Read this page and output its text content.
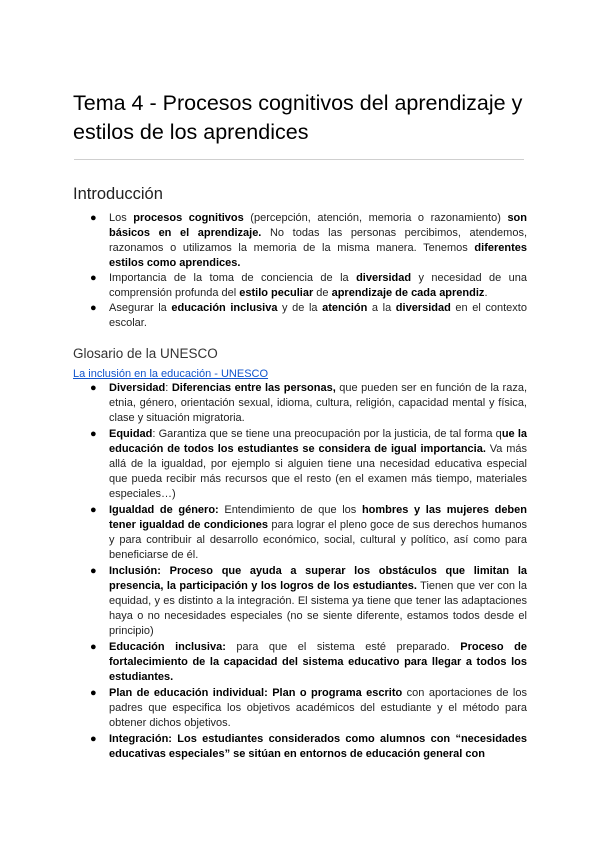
Tema 4 - Procesos cognitivos del aprendizaje y estilos de los aprendices
Introducción
● Los procesos cognitivos (percepción, atención, memoria o razonamiento) son básicos en el aprendizaje. No todas las personas percibimos, atendemos, razonamos o utilizamos la memoria de la misma manera. Tenemos diferentes estilos como aprendices.
● Importancia de la toma de conciencia de la diversidad y necesidad de una comprensión profunda del estilo peculiar de aprendizaje de cada aprendiz.
● Asegurar la educación inclusiva y de la atención a la diversidad en el contexto escolar.
Glosario de la UNESCO
La inclusión en la educación - UNESCO
● Diversidad: Diferencias entre las personas, que pueden ser en función de la raza, etnia, género, orientación sexual, idioma, cultura, religión, capacidad mental y física, clase y situación migratoria.
● Equidad: Garantiza que se tiene una preocupación por la justicia, de tal forma que la educación de todos los estudiantes se considera de igual importancia. Va más allá de la igualdad, por ejemplo si alguien tiene una necesidad educativa especial que pueda recibir más recursos que el resto (en el examen más tiempo, materiales especiales…)
● Igualdad de género: Entendimiento de que los hombres y las mujeres deben tener igualdad de condiciones para lograr el pleno goce de sus derechos humanos y para contribuir al desarrollo económico, social, cultural y político, así como para beneficiarse de él.
● Inclusión: Proceso que ayuda a superar los obstáculos que limitan la presencia, la participación y los logros de los estudiantes. Tienen que ver con la equidad, y es distinto a la integración. El sistema ya tiene que tener las adaptaciones haya o no necesidades especiales (no se siente diferente, estamos todos desde el principio)
● Educación inclusiva: para que el sistema esté preparado. Proceso de fortalecimiento de la capacidad del sistema educativo para llegar a todos los estudiantes.
● Plan de educación individual: Plan o programa escrito con aportaciones de los padres que especifica los objetivos académicos del estudiante y el método para obtener dichos objetivos.
● Integración: Los estudiantes considerados como alumnos con “necesidades educativas especiales” se sitúan en entornos de educación general con
